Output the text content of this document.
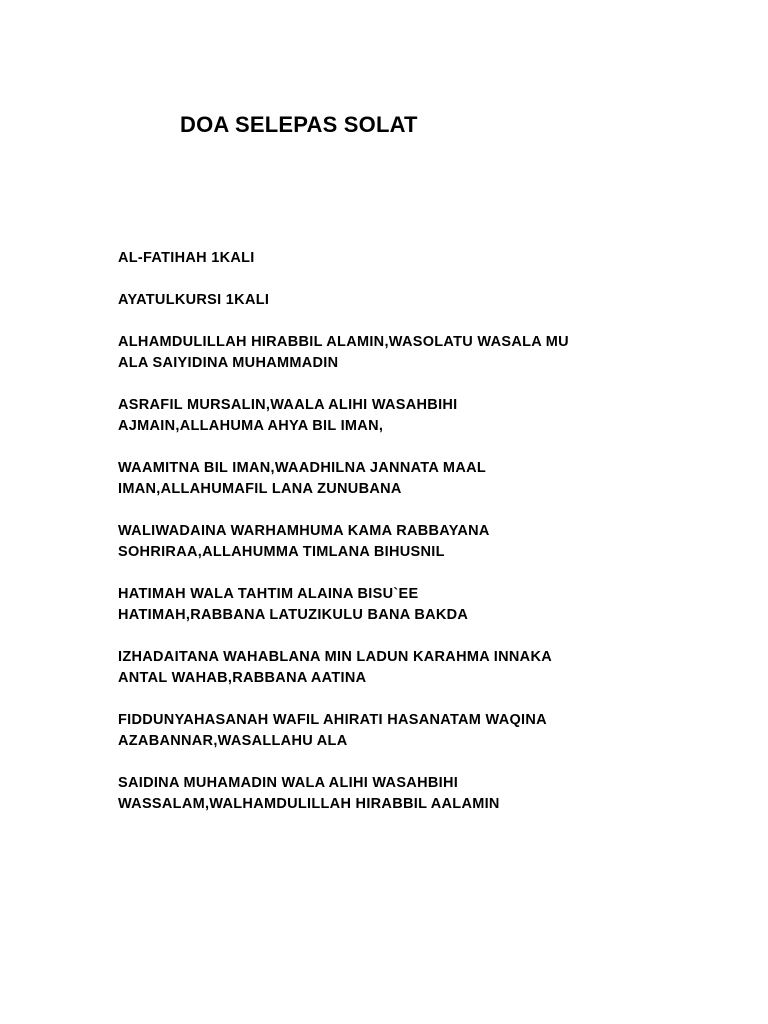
DOA SELEPAS SOLAT

AL-FATIHAH 1KALI

AYATULKURSI 1KALI

ALHAMDULILLAH HIRABBIL ALAMIN,WASOLATU WASALA MU
ALA SAIYIDINA MUHAMMADIN

ASRAFIL MURSALIN,WAALA ALIHI WASAHBIHI
AJMAIN,ALLAHUMA AHYA BIL IMAN,

WAAMITNA BIL IMAN,WAADHILNA JANNATA MAAL
IMAN,ALLAHUMAFIL LANA ZUNUBANA

WALIWADAINA WARHAMHUMA KAMA RABBAYANA
SOHRIRAA,ALLAHUMMA TIMLANA BIHUSNIL

HATIMAH WALA TAHTIM ALAINA BISU`EE
HATIMAH,RABBANA LATUZIKULU BANA BAKDA

IZHADAITANA WAHABLANA MIN LADUN KARAHMA INNAKA
ANTAL WAHAB,RABBANA AATINA

FIDDUNYAHASANAH WAFIL AHIRATI HASANATAM WAQINA
AZABANNAR,WASALLAHU ALA

SAIDINA MUHAMADIN WALA ALIHI WASAHBIHI
WASSALAM,WALHAMDULILLAH HIRABBIL AALAMIN
